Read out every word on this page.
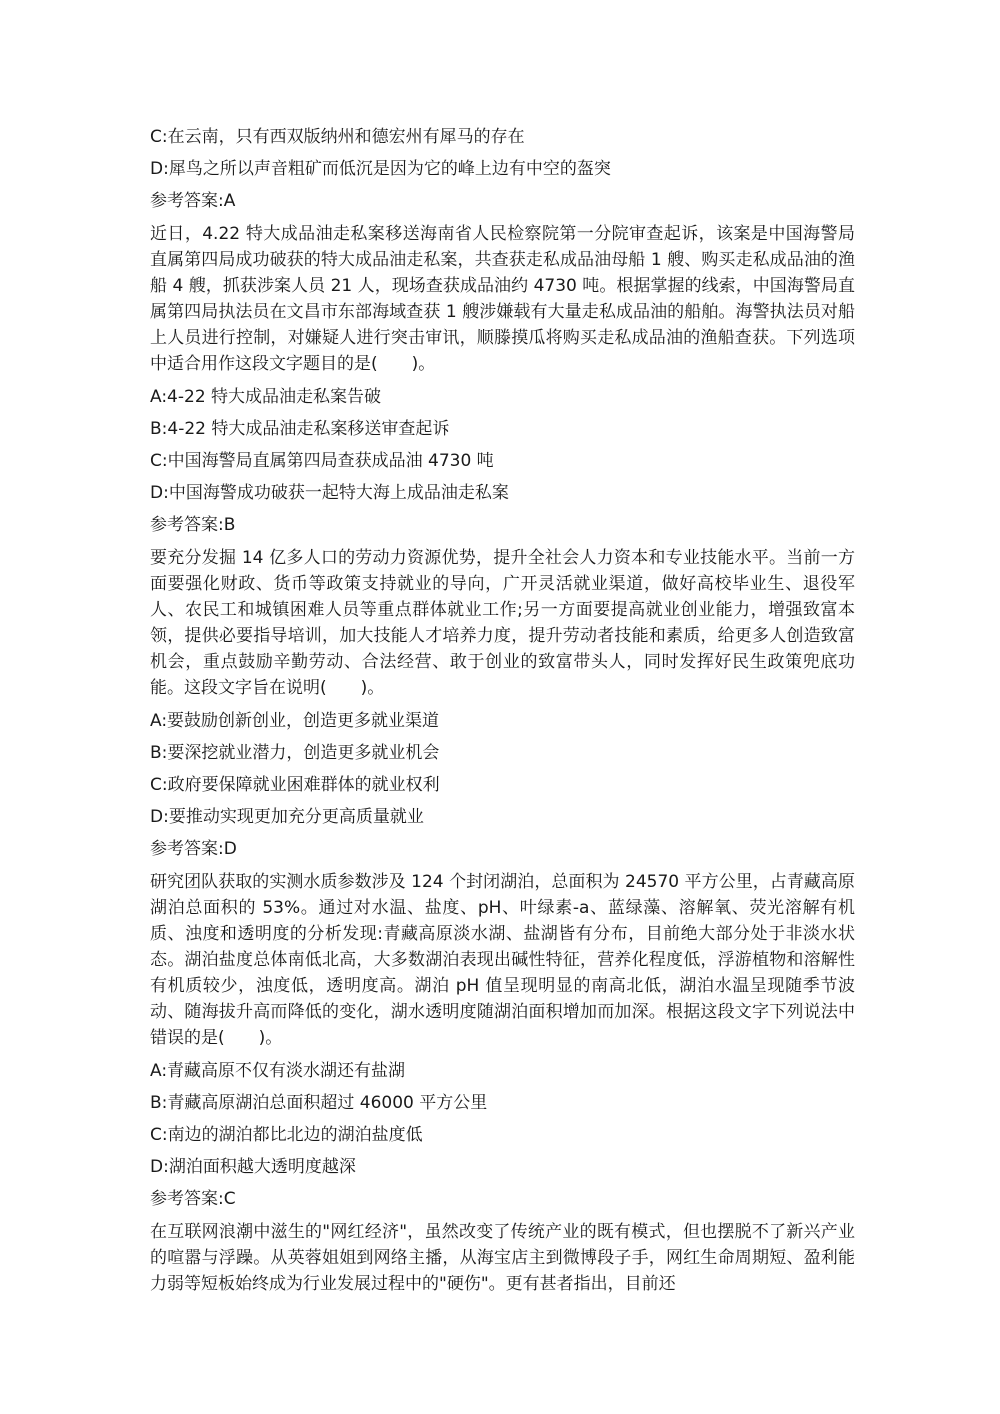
C:在云南，只有西双版纳州和德宏州有犀马的存在

D:犀鸟之所以声音粗矿而低沉是因为它的峰上边有中空的盔突

参考答案:A

近日，4.22 特大成品油走私案移送海南省人民检察院第一分院审查起诉，该案是中国海警局直属第四局成功破获的特大成品油走私案，共查获走私成品油母船 1 艘、购买走私成品油的渔船 4 艘，抓获涉案人员 21 人，现场查获成品油约 4730 吨。根据掌握的线索，中国海警局直属第四局执法员在文昌市东部海域查获 1 艘涉嫌载有大量走私成品油的船舶。海警执法员对船上人员进行控制，对嫌疑人进行突击审讯，顺滕摸瓜将购买走私成品油的渔船查获。下列选项中适合用作这段文字题目的是(　　)。

A:4-22 特大成品油走私案告破

B:4-22 特大成品油走私案移送审查起诉

C:中国海警局直属第四局查获成品油 4730 吨

D:中国海警成功破获一起特大海上成品油走私案

参考答案:B

要充分发掘 14 亿多人口的劳动力资源优势，提升全社会人力资本和专业技能水平。当前一方面要强化财政、货币等政策支持就业的导向，广开灵活就业渠道，做好高校毕业生、退役军人、农民工和城镇困难人员等重点群体就业工作;另一方面要提高就业创业能力，增强致富本领，提供必要指导培训，加大技能人才培养力度，提升劳动者技能和素质，给更多人创造致富机会，重点鼓励辛勤劳动、合法经营、敢于创业的致富带头人，同时发挥好民生政策兜底功能。这段文字旨在说明(　　)。

A:要鼓励创新创业，创造更多就业渠道

B:要深挖就业潜力，创造更多就业机会

C:政府要保障就业困难群体的就业权利

D:要推动实现更加充分更高质量就业

参考答案:D

研究团队获取的实测水质参数涉及 124 个封闭湖泊，总面积为 24570 平方公里，占青藏高原湖泊总面积的 53%。通过对水温、盐度、pH、叶绿素-a、蓝绿藻、溶解氧、荧光溶解有机质、浊度和透明度的分析发现:青藏高原淡水湖、盐湖皆有分布，目前绝大部分处于非淡水状态。湖泊盐度总体南低北高，大多数湖泊表现出碱性特征，营养化程度低，浮游植物和溶解性有机质较少，浊度低，透明度高。湖泊 pH 值呈现明显的南高北低，湖泊水温呈现随季节波动、随海拔升高而降低的变化，湖水透明度随湖泊面积增加而加深。根据这段文字下列说法中错误的是(　　)。

A:青藏高原不仅有淡水湖还有盐湖

B:青藏高原湖泊总面积超过 46000 平方公里

C:南边的湖泊都比北边的湖泊盐度低

D:湖泊面积越大透明度越深

参考答案:C

在互联网浪潮中滋生的"网红经济"，虽然改变了传统产业的既有模式，但也摆脱不了新兴产业的喧嚣与浮躁。从英蓉姐姐到网络主播，从海宝店主到微博段子手，网红生命周期短、盈利能力弱等短板始终成为行业发展过程中的"硬伤"。更有甚者指出，目前还
